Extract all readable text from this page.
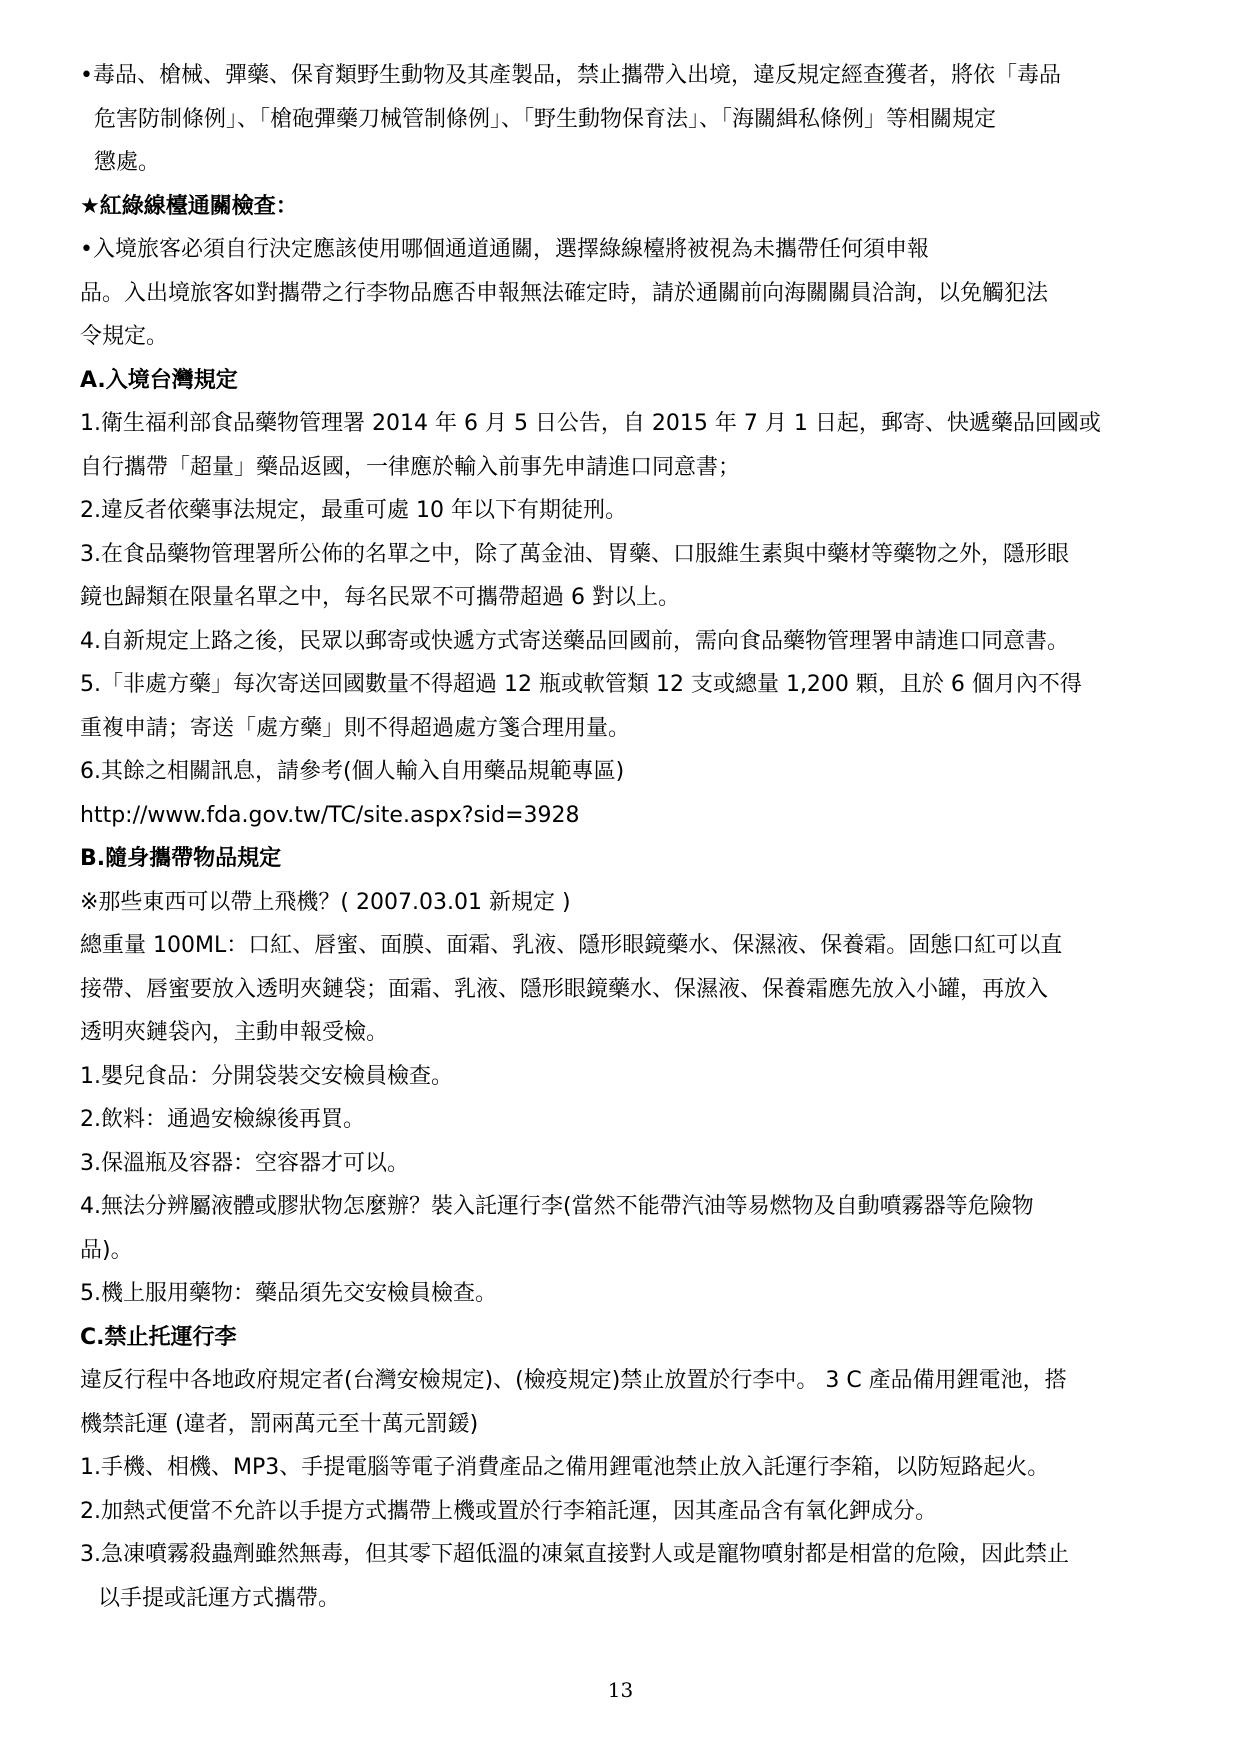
•毒品、槍械、彈藥、保育類野生動物及其產製品，禁止攜帶入出境，違反規定經查獲者，將依「毒品
危害防制條例」、「槍砲彈藥刀械管制條例」、「野生動物保育法」、「海關緝私條例」等相關規定
懲處。
★紅綠線檯通關檢查：
•入境旅客必須自行決定應該使用哪個通道通關，選擇綠線檯將被視為未攜帶任何須申報
品。入出境旅客如對攜帶之行李物品應否申報無法確定時，請於通關前向海關關員洽詢，以免觸犯法
令規定。
A.入境台灣規定
1.衛生福利部食品藥物管理署 2014 年 6 月 5 日公告，自 2015 年 7 月 1 日起，郵寄、快遞藥品回國或
自行攜帶「超量」藥品返國，一律應於輸入前事先申請進口同意書；
2.違反者依藥事法規定，最重可處 10 年以下有期徒刑。
3.在食品藥物管理署所公佈的名單之中，除了萬金油、胃藥、口服維生素與中藥材等藥物之外，隱形眼
鏡也歸類在限量名單之中，每名民眾不可攜帶超過 6 對以上。
4.自新規定上路之後，民眾以郵寄或快遞方式寄送藥品回國前，需向食品藥物管理署申請進口同意書。
5.「非處方藥」每次寄送回國數量不得超過 12 瓶或軟管類 12 支或總量 1,200 顆，且於 6 個月內不得
重複申請；寄送「處方藥」則不得超過處方箋合理用量。
6.其餘之相關訊息，請參考(個人輸入自用藥品規範專區)
http://www.fda.gov.tw/TC/site.aspx?sid=3928
B.隨身攜帶物品規定
※那些東西可以帶上飛機？( 2007.03.01 新規定 )
總重量 100ML：口紅、唇蜜、面膜、面霜、乳液、隱形眼鏡藥水、保濕液、保養霜。固態口紅可以直
接帶、唇蜜要放入透明夾鏈袋；面霜、乳液、隱形眼鏡藥水、保濕液、保養霜應先放入小罐，再放入
透明夾鏈袋內，主動申報受檢。
1.嬰兒食品：分開袋裝交安檢員檢查。
2.飲料：通過安檢線後再買。
3.保溫瓶及容器：空容器才可以。
4.無法分辨屬液體或膠狀物怎麼辦？裝入託運行李(當然不能帶汽油等易燃物及自動噴霧器等危險物
品)。
5.機上服用藥物：藥品須先交安檢員檢查。
C.禁止托運行李
違反行程中各地政府規定者(台灣安檢規定)、(檢疫規定)禁止放置於行李中。 3 C 產品備用鋰電池，搭
機禁託運 (違者，罰兩萬元至十萬元罰鍰)
1.手機、相機、MP3、手提電腦等電子消費產品之備用鋰電池禁止放入託運行李箱，以防短路起火。
2.加熱式便當不允許以手提方式攜帶上機或置於行李箱託運，因其產品含有氧化鉀成分。
3.急凍噴霧殺蟲劑雖然無毒，但其零下超低溫的凍氣直接對人或是寵物噴射都是相當的危險，因此禁止
以手提或託運方式攜帶。
13
